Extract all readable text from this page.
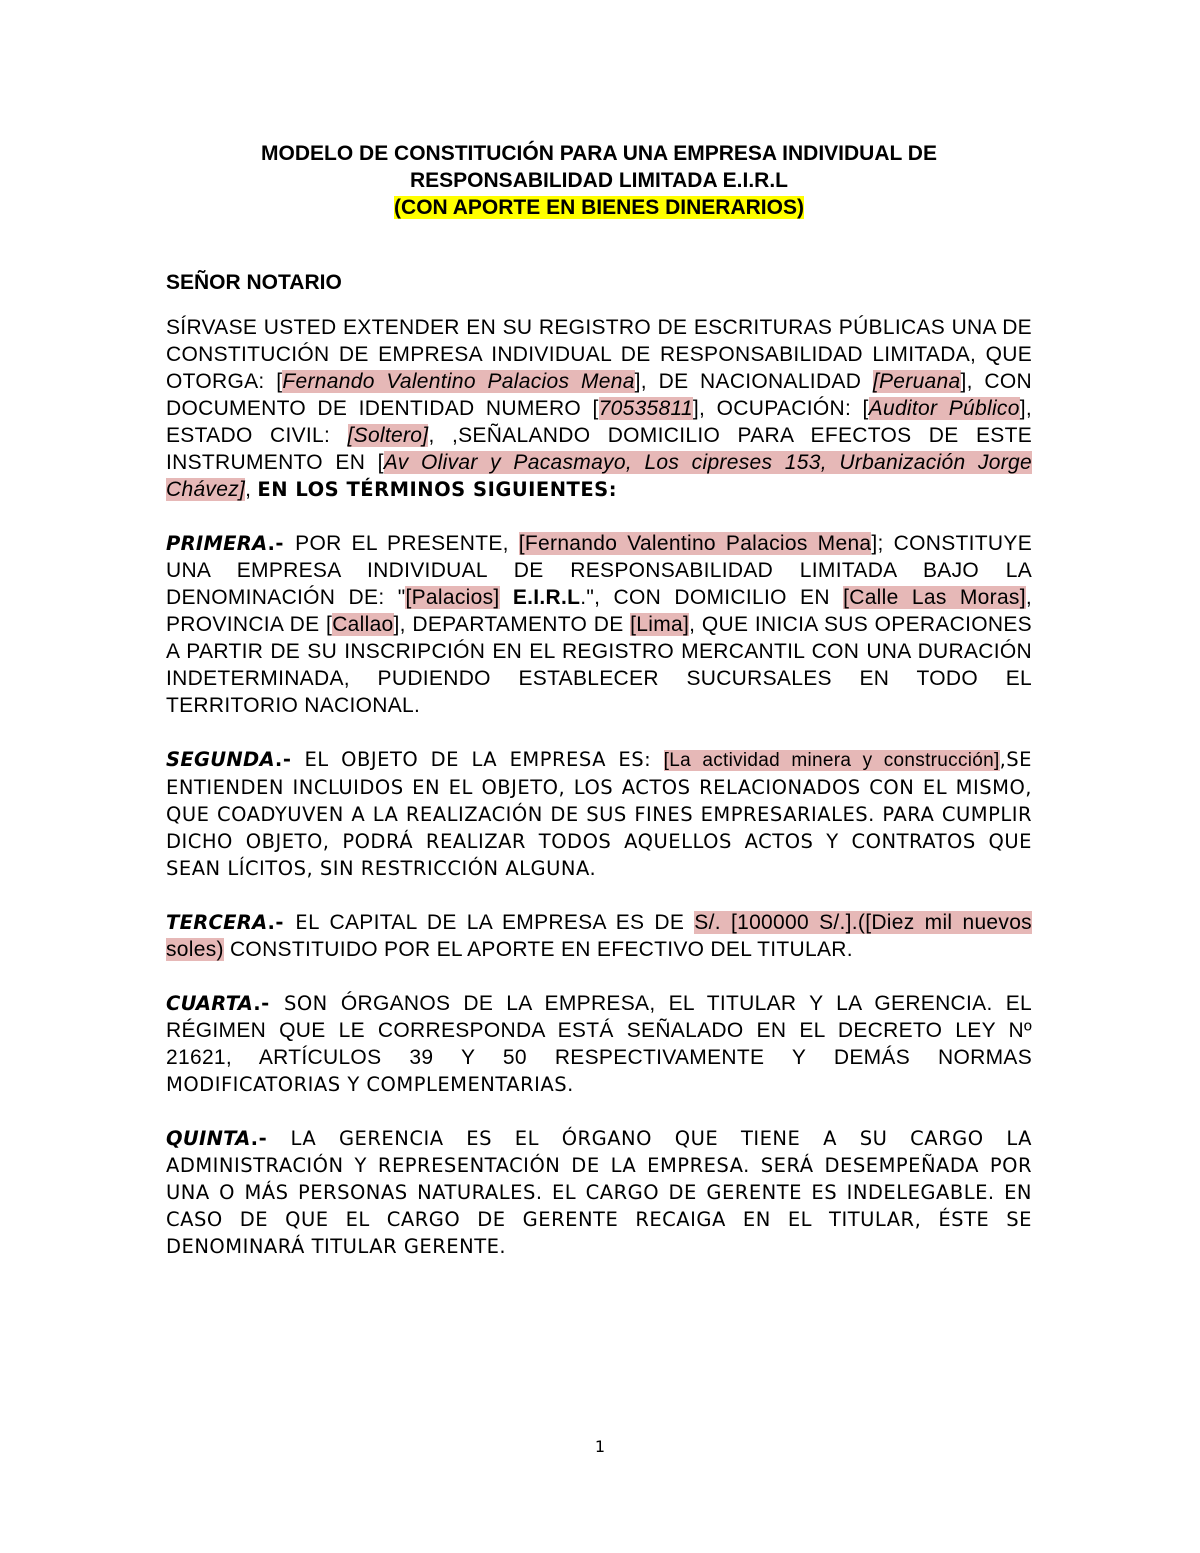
MODELO DE CONSTITUCIÓN PARA UNA EMPRESA INDIVIDUAL DE
RESPONSABILIDAD LIMITADA E.I.R.L
(CON APORTE EN BIENES DINERARIOS)
SEÑOR NOTARIO

SÍRVASE USTED EXTENDER EN SU REGISTRO DE ESCRITURAS PÚBLICAS UNA DE CONSTITUCIÓN DE EMPRESA INDIVIDUAL DE RESPONSABILIDAD LIMITADA, QUE OTORGA: [Fernando Valentino Palacios Mena], DE NACIONALIDAD [Peruana], CON DOCUMENTO DE IDENTIDAD NUMERO [70535811], OCUPACIÓN: [Auditor Público], ESTADO CIVIL: [Soltero], ,SEÑALANDO DOMICILIO PARA EFECTOS DE ESTE INSTRUMENTO EN [Av Olivar y Pacasmayo, Los cipreses 153, Urbanización Jorge Chávez], EN LOS TÉRMINOS SIGUIENTES:

PRIMERA.- POR EL PRESENTE, [Fernando Valentino Palacios Mena]; CONSTITUYE UNA EMPRESA INDIVIDUAL DE RESPONSABILIDAD LIMITADA BAJO LA DENOMINACIÓN DE: "[Palacios] E.I.R.L.", CON DOMICILIO EN [Calle Las Moras], PROVINCIA DE [Callao], DEPARTAMENTO DE [Lima], QUE INICIA SUS OPERACIONES A PARTIR DE SU INSCRIPCIÓN EN EL REGISTRO MERCANTIL CON UNA DURACIÓN INDETERMINADA, PUDIENDO ESTABLECER SUCURSALES EN TODO EL TERRITORIO NACIONAL.

SEGUNDA.- EL OBJETO DE LA EMPRESA ES: [La actividad minera y construcción],SE ENTIENDEN INCLUIDOS EN EL OBJETO, LOS ACTOS RELACIONADOS CON EL MISMO, QUE COADYUVEN A LA REALIZACIÓN DE SUS FINES EMPRESARIALES. PARA CUMPLIR DICHO OBJETO, PODRÁ REALIZAR TODOS AQUELLOS ACTOS Y CONTRATOS QUE SEAN LÍCITOS, SIN RESTRICCIÓN ALGUNA.

TERCERA.- EL CAPITAL DE LA EMPRESA ES DE S/. [100000 S/.].([Diez mil nuevos soles) CONSTITUIDO POR EL APORTE EN EFECTIVO DEL TITULAR.

CUARTA.- SON ÓRGANOS DE LA EMPRESA, EL TITULAR Y LA GERENCIA. EL RÉGIMEN QUE LE CORRESPONDA ESTÁ SEÑALADO EN EL DECRETO LEY Nº 21621, ARTÍCULOS 39 Y 50 RESPECTIVAMENTE Y DEMÁS NORMAS MODIFICATORIAS Y COMPLEMENTARIAS.

QUINTA.- LA GERENCIA ES EL ÓRGANO QUE TIENE A SU CARGO LA ADMINISTRACIÓN Y REPRESENTACIÓN DE LA EMPRESA. SERÁ DESEMPEÑADA POR UNA O MÁS PERSONAS NATURALES. EL CARGO DE GERENTE ES INDELEGABLE. EN CASO DE QUE EL CARGO DE GERENTE RECAIGA EN EL TITULAR, ÉSTE SE DENOMINARÁ TITULAR GERENTE.

1
